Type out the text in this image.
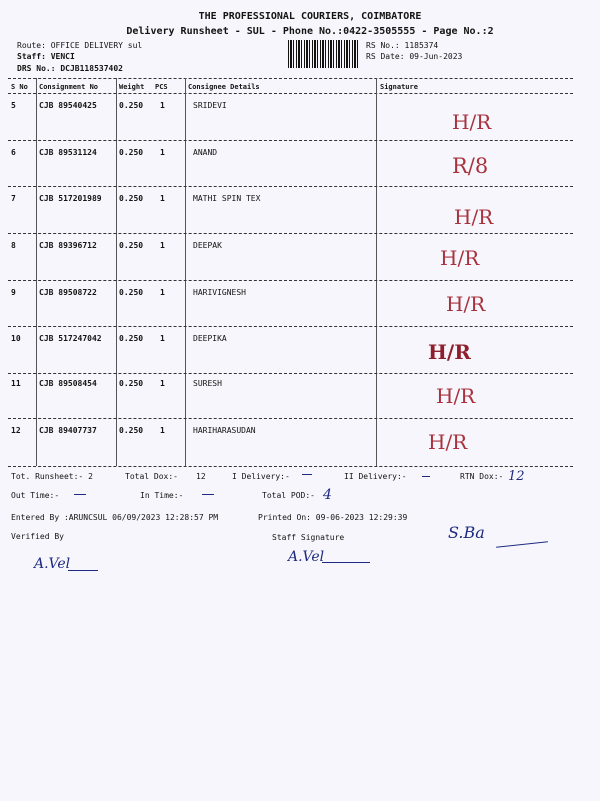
THE PROFESSIONAL COURIERS, COIMBATORE
Delivery Runsheet - SUL - Phone No.:0422-3505555 - Page No.:2
Route: OFFICE DELIVERY sul
Staff: VENCI
DRS No.: DCJB118537402
RS No.: 1185374
RS Date: 09-Jun-2023
S No Consignment No	Weight PCS	Consignee Details	Signature
5	CJB 89540425	0.250 1	SRIDEVI
H/R
6	CJB 89531124	0.250 1	ANAND
R/8
7	CJB 517201989 0.250 1	MATHI SPIN TEX
H/R
8	CJB 89396712	0.250 1	DEEPAK
H/R
9	CJB 89508722	0.250 1	HARIVIGNESH	H/R
10 CJB 517247042 0.250 1	DEEPIKA
H/R
11 CJB 89508454	0.250 1	SURESH
H/R
12 CJB 89407737	0.250 1	HARIHARASUDAN	H/R
Tot. Runsheet:- 2	Total Dox:- 12	I Delivery:-	II Delivery:-	RTN Dox:- 12
Out Time:-	In Time:-	Total POD:- 4
Entered By :ARUNCSUL 06/09/2023 12:28:57 PM	Printed On: 09-06-2023 12:29:39
Verified By	Staff Signature
A.Vel	A.Vel
S.Ba
